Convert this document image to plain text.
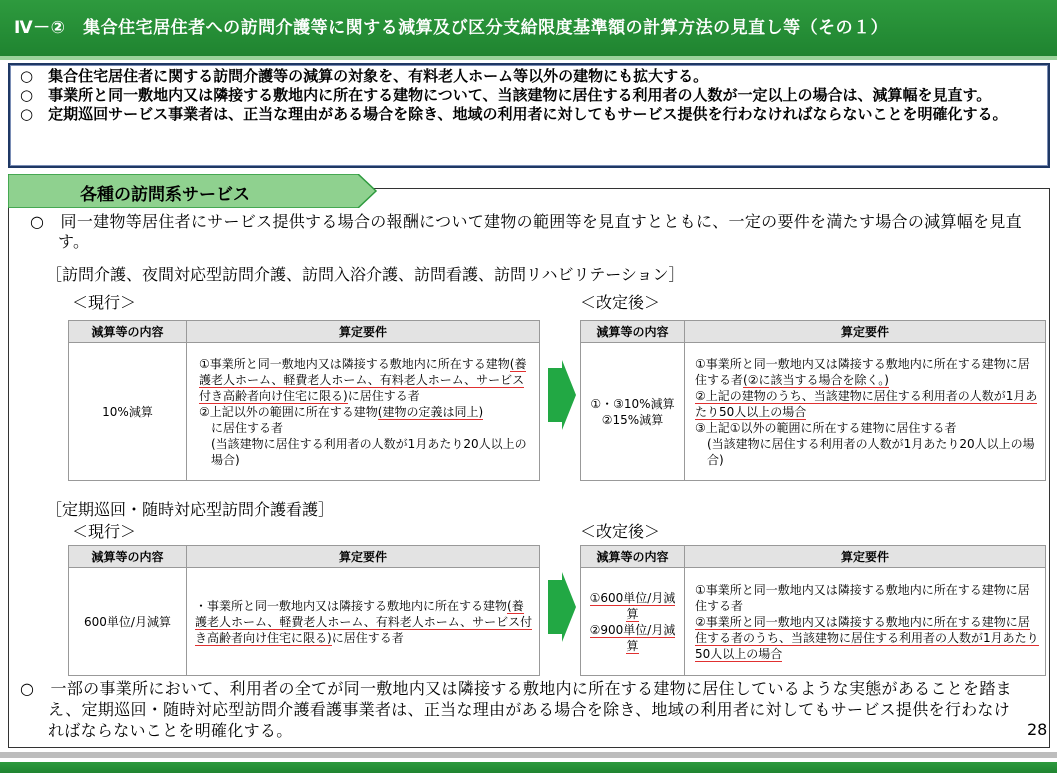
Ⅳ－②　集合住宅居住者への訪問介護等に関する減算及び区分支給限度基準額の計算方法の見直し等（その１）

○　集合住宅居住者に関する訪問介護等の減算の対象を、有料老人ホーム等以外の建物にも拡大する。

○　事業所と同一敷地内又は隣接する敷地内に所在する建物について、当該建物に居住する利用者の人数が一定以上の場合は、減算幅を見直す。

○　定期巡回サービス事業者は、正当な理由がある場合を除き、地域の利用者に対してもサービス提供を行わなければならないことを明確化する。

各種の訪問系サービス
○　同一建物等居住者にサービス提供する場合の報酬について建物の範囲等を見直すとともに、一定の要件を満たす場合の減算幅を見直す。
［訪問介護、夜間対応型訪問介護、訪問入浴介護、訪問看護、訪問リハビリテーション］
＜現行＞	＜改定後＞
減算等の内容	算定要件
10%減算	①事業所と同一敷地内又は隣接する敷地内に所在する建物(養護老人ホーム、軽費老人ホーム、有料老人ホーム、サービス付き高齢者向け住宅に限る)に居住する者
②上記以外の範囲に所在する建物(建物の定義は同上)
に居住する者

(当該建物に居住する利用者の人数が1月あたり20人以上の場合)
減算等の内容	算定要件
①・③10%減算
②15%減算	①事業所と同一敷地内又は隣接する敷地内に所在する建物に居住する者(②に該当する場合を除く。)
②上記の建物のうち、当該建物に居住する利用者の人数が1月あたり50人以上の場合
③上記①以外の範囲に所在する建物に居住する者

(当該建物に居住する利用者の人数が1月あたり20人以上の場合)
［定期巡回・随時対応型訪問介護看護］
＜現行＞	＜改定後＞
減算等の内容	算定要件
600単位/月減算	・事業所と同一敷地内又は隣接する敷地内に所在する建物(養護老人ホーム、軽費老人ホーム、有料老人ホーム、サービス付き高齢者向け住宅に限る)に居住する者
減算等の内容	算定要件
①600単位/月減算
②900単位/月減算	①事業所と同一敷地内又は隣接する敷地内に所在する建物に居住する者
②事業所と同一敷地内又は隣接する敷地内に所在する建物に居住する者のうち、当該建物に居住する利用者の人数が1月あたり50人以上の場合
○　一部の事業所において、利用者の全てが同一敷地内又は隣接する敷地内に所在する建物に居住しているような実態があることを踏まえ、定期巡回・随時対応型訪問介護看護事業者は、正当な理由がある場合を除き、地域の利用者に対してもサービス提供を行わなければならないことを明確化する。	28
